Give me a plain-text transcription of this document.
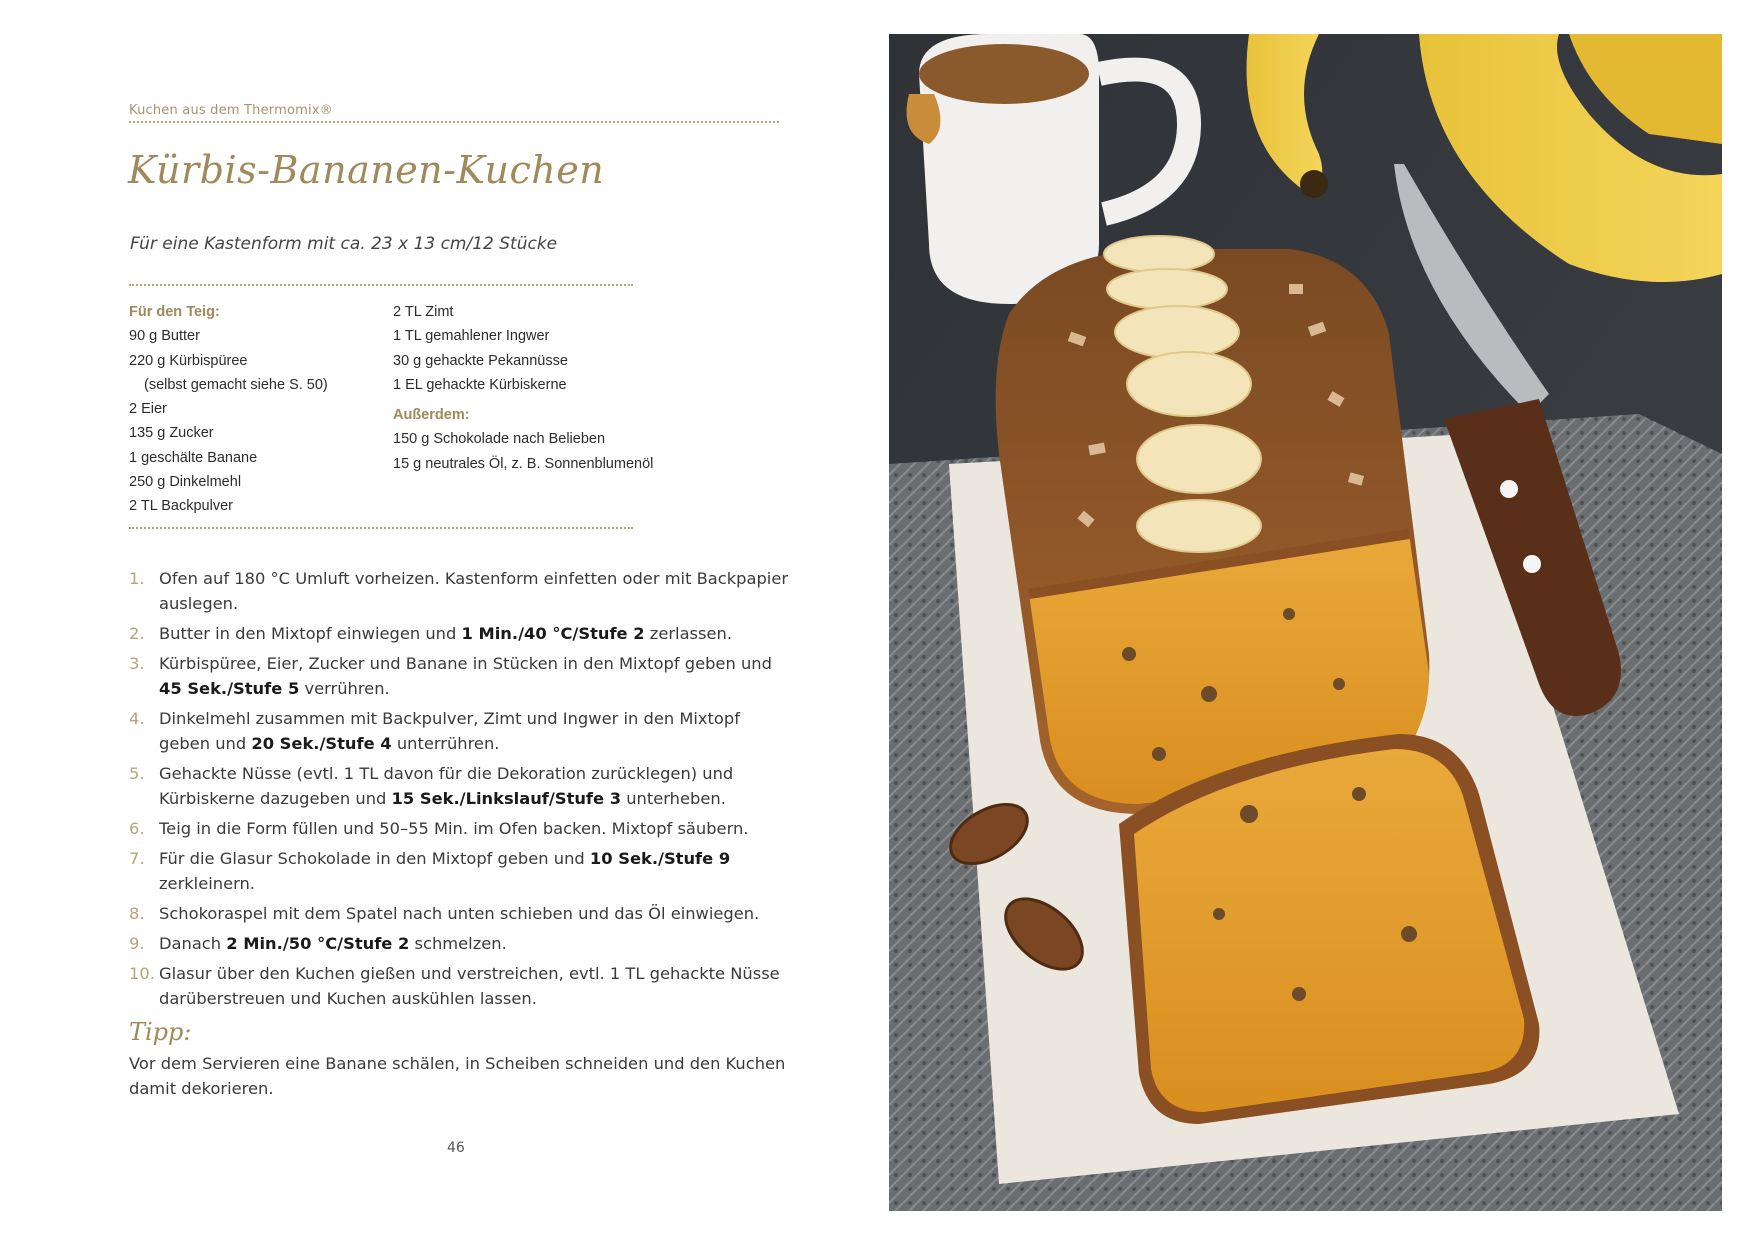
Kuchen aus dem Thermomix®
Kürbis-Bananen-Kuchen
Für eine Kastenform mit ca. 23 x 13 cm/12 Stücke
Für den Teig:
90 g Butter
220 g Kürbispüree
(selbst gemacht siehe S. 50)
2 Eier
135 g Zucker
1 geschälte Banane
250 g Dinkelmehl
2 TL Backpulver
2 TL Zimt
1 TL gemahlener Ingwer
30 g gehackte Pekannüsse
1 EL gehackte Kürbiskerne
Außerdem:
150 g Schokolade nach Belieben
15 g neutrales Öl, z. B. Sonnenblumenöl
1. Ofen auf 180 °C Umluft vorheizen. Kastenform einfetten oder mit Backpapier auslegen.
2. Butter in den Mixtopf einwiegen und 1 Min./40 °C/Stufe 2 zerlassen.
3. Kürbispüree, Eier, Zucker und Banane in Stücken in den Mixtopf geben und 45 Sek./Stufe 5 verrühren.
4. Dinkelmehl zusammen mit Backpulver, Zimt und Ingwer in den Mixtopf geben und 20 Sek./Stufe 4 unterrühren.
5. Gehackte Nüsse (evtl. 1 TL davon für die Dekoration zurücklegen) und Kürbiskerne dazugeben und 15 Sek./Linkslauf/Stufe 3 unterheben.
6. Teig in die Form füllen und 50–55 Min. im Ofen backen. Mixtopf säubern.
7. Für die Glasur Schokolade in den Mixtopf geben und 10 Sek./Stufe 9 zerkleinern.
8. Schokoraspel mit dem Spatel nach unten schieben und das Öl einwiegen.
9. Danach 2 Min./50 °C/Stufe 2 schmelzen.
10. Glasur über den Kuchen gießen und verstreichen, evtl. 1 TL gehackte Nüsse darüberstreuen und Kuchen auskühlen lassen.
Tipp:
Vor dem Servieren eine Banane schälen, in Scheiben schneiden und den Kuchen damit dekorieren.
46
